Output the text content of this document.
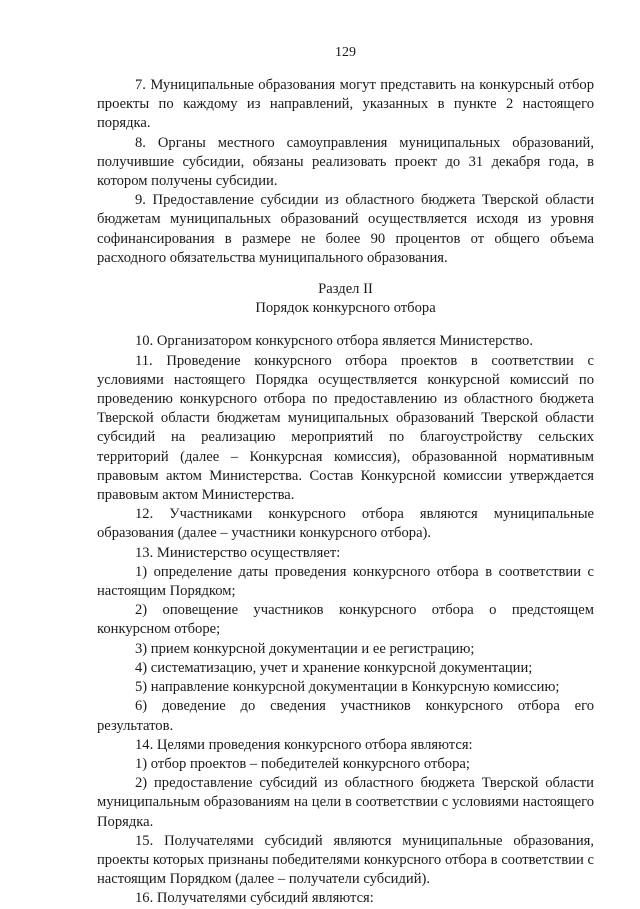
129

7. Муниципальные образования могут представить на конкурсный отбор проекты по каждому из направлений, указанных в пункте 2 настоящего порядка.

8. Органы местного самоуправления муниципальных образований, получившие субсидии, обязаны реализовать проект до 31 декабря года, в котором получены субсидии.

9. Предоставление субсидии из областного бюджета Тверской области бюджетам муниципальных образований осуществляется исходя из уровня софинансирования в размере не более 90 процентов от общего объема расходного обязательства муниципального образования.

Раздел II
Порядок конкурсного отбора

10. Организатором конкурсного отбора является Министерство.

11. Проведение конкурсного отбора проектов в соответствии с условиями настоящего Порядка осуществляется конкурсной комиссий по проведению конкурсного отбора по предоставлению из областного бюджета Тверской области бюджетам муниципальных образований Тверской области субсидий на реализацию мероприятий по благоустройству сельских территорий (далее – Конкурсная комиссия), образованной нормативным правовым актом Министерства. Состав Конкурсной комиссии утверждается правовым актом Министерства.

12. Участниками конкурсного отбора являются муниципальные образования (далее – участники конкурсного отбора).

13. Министерство осуществляет:

1) определение даты проведения конкурсного отбора в соответствии с настоящим Порядком;

2) оповещение участников конкурсного отбора о предстоящем конкурсном отборе;

3) прием конкурсной документации и ее регистрацию;

4) систематизацию, учет и хранение конкурсной документации;

5) направление конкурсной документации в Конкурсную комиссию;

6) доведение до сведения участников конкурсного отбора его результатов.

14. Целями проведения конкурсного отбора являются:

1) отбор проектов – победителей конкурсного отбора;

2) предоставление субсидий из областного бюджета Тверской области муниципальным образованиям на цели в соответствии с условиями настоящего Порядка.

15. Получателями субсидий являются муниципальные образования, проекты которых признаны победителями конкурсного отбора в соответствии с настоящим Порядком (далее – получатели субсидий).

16. Получателями субсидий являются:
